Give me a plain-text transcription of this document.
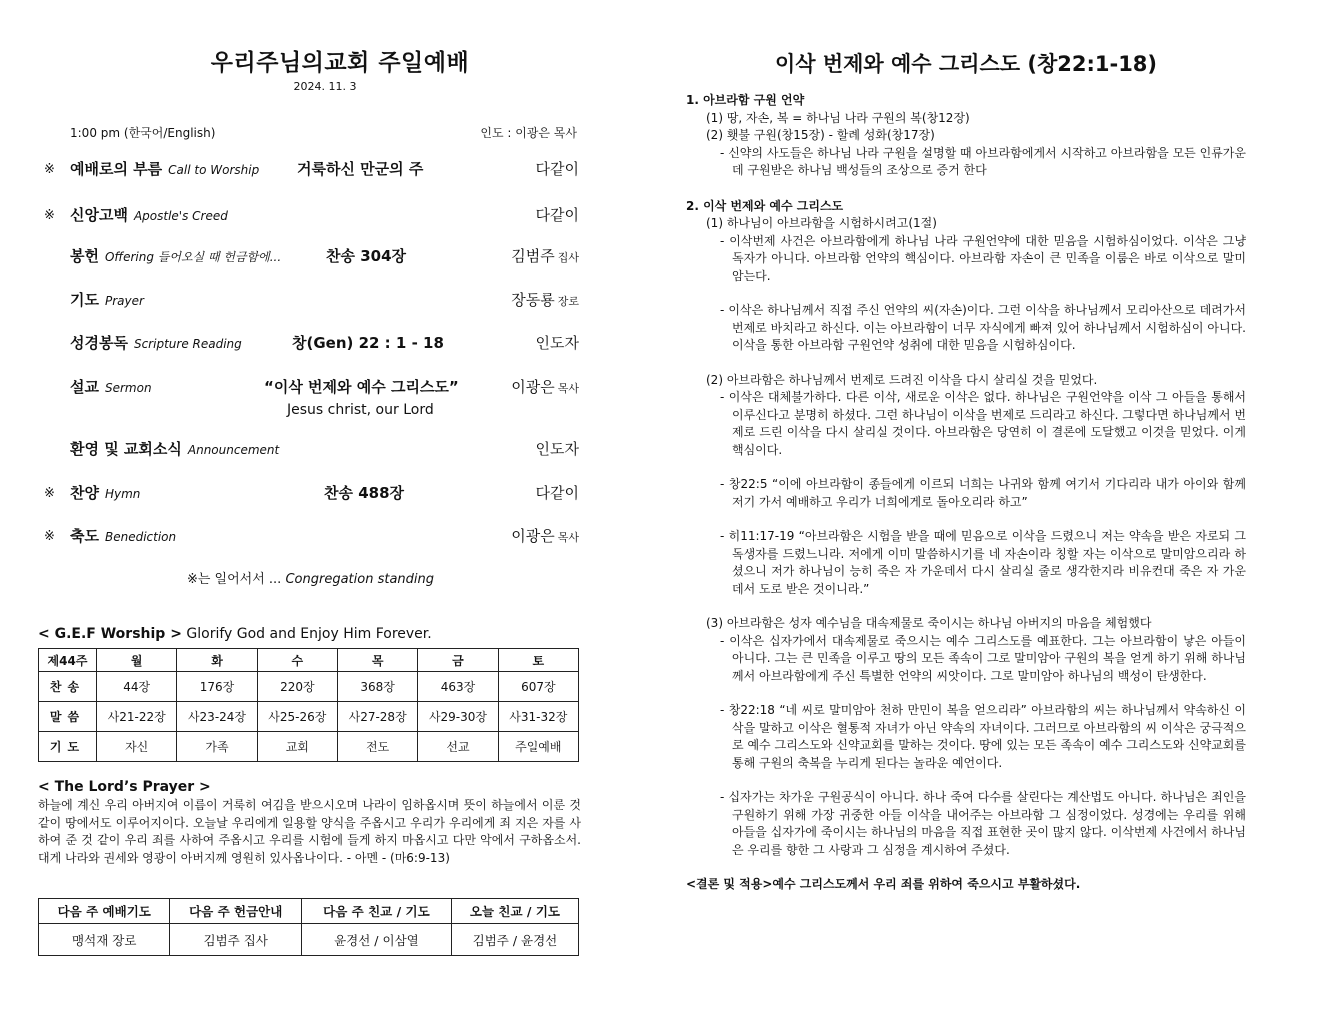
우리주님의교회 주일예배
2024. 11. 3
1:00 pm (한국어/English)	인도 : 이광은 목사
※ 예배로의 부름 Call to Worship	거룩하신 만군의 주	다같이
※ 신앙고백 Apostle's Creed	다같이
봉헌 Offering 들어오실 때 헌금함에...	찬송 304장	김범주 집사
기도 Prayer	장동룡 장로
성경봉독 Scripture Reading	창(Gen) 22 : 1 - 18	인도자
설교 Sermon	“이삭 번제와 예수 그리스도”	이광은 목사
Jesus christ, our Lord
환영 및 교회소식 Announcement	인도자
※ 찬양 Hymn	찬송 488장	다같이
※ 축도 Benediction	이광은 목사
※는 일어서서 ... Congregation standing
< G.E.F Worship > Glorify God and Enjoy Him Forever.
제44주	월	화	수	목	금	토
찬송	44장	176장	220장	368장	463장	607장
말씀	사21-22장	사23-24장	사25-26장	사27-28장	사29-30장	사31-32장
기도	자신	가족	교회	전도	선교	주일예배
< The Lord’s Prayer >
하늘에 계신 우리 아버지여 이름이 거룩히 여김을 받으시오며 나라이 임하옵시며 뜻이 하늘에서 이룬 것 같이 땅에서도 이루어지이다. 오늘날 우리에게 일용할 양식을 주옵시고 우리가 우리에게 죄 지은 자를 사하여 준 것 같이 우리 죄를 사하여 주옵시고 우리를 시험에 들게 하지 마옵시고 다만 악에서 구하옵소서. 대게 나라와 권세와 영광이 아버지께 영원히 있사옵나이다. - 아멘 - (마6:9-13)
다음 주 예배기도	다음 주 헌금안내	다음 주 친교 / 기도	오늘 친교 / 기도
맹석재 장로	김범주 집사	윤경선 / 이삼열	김범주 / 윤경선
이삭 번제와 예수 그리스도 (창22:1-18)

1. 아브라함 구원 언약

(1) 땅, 자손, 복 = 하나님 나라 구원의 복(창12장)

(2) 횃불 구원(창15장) - 할례 성화(창17장)

- 신약의 사도들은 하나님 나라 구원을 설명할 때 아브라함에게서 시작하고 아브라함을 모든 인류가운데 구원받은 하나님 백성들의 조상으로 증거 한다

2. 이삭 번제와 예수 그리스도

(1) 하나님이 아브라함을 시험하시려고(1절)

- 이삭번제 사건은 아브라함에게 하나님 나라 구원언약에 대한 믿음을 시험하심이었다. 이삭은 그냥 독자가 아니다. 아브라함 언약의 핵심이다. 아브라함 자손이 큰 민족을 이룸은 바로 이삭으로 말미암는다.

- 이삭은 하나님께서 직접 주신 언약의 씨(자손)이다. 그런 이삭을 하나님께서 모리아산으로 데려가서 번제로 바치라고 하신다. 이는 아브라함이 너무 자식에게 빠져 있어 하나님께서 시험하심이 아니다. 이삭을 통한 아브라함 구원언약 성취에 대한 믿음을 시험하심이다.

(2) 아브라함은 하나님께서 번제로 드려진 이삭을 다시 살리실 것을 믿었다.

- 이삭은 대체불가하다. 다른 이삭, 새로운 이삭은 없다. 하나님은 구원언약을 이삭 그 아들을 통해서 이루신다고 분명히 하셨다. 그런 하나님이 이삭을 번제로 드리라고 하신다. 그렇다면 하나님께서 번제로 드린 이삭을 다시 살리실 것이다. 아브라함은 당연히 이 결론에 도달했고 이것을 믿었다. 이게 핵심이다.

- 창22:5 “이에 아브라함이 종들에게 이르되 너희는 나귀와 함께 여기서 기다리라 내가 아이와 함께 저기 가서 예배하고 우리가 너희에게로 돌아오리라 하고”

- 히11:17-19 “아브라함은 시험을 받을 때에 믿음으로 이삭을 드렸으니 저는 약속을 받은 자로되 그 독생자를 드렸느니라. 저에게 이미 말씀하시기를 네 자손이라 칭할 자는 이삭으로 말미암으리라 하셨으니 저가 하나님이 능히 죽은 자 가운데서 다시 살리실 줄로 생각한지라 비유컨대 죽은 자 가운데서 도로 받은 것이니라.”

(3) 아브라함은 성자 예수님을 대속제물로 죽이시는 하나님 아버지의 마음을 체험했다

- 이삭은 십자가에서 대속제물로 죽으시는 예수 그리스도를 예표한다. 그는 아브라함이 낳은 아들이 아니다. 그는 큰 민족을 이루고 땅의 모든 족속이 그로 말미암아 구원의 복을 얻게 하기 위해 하나님께서 아브라함에게 주신 특별한 언약의 씨앗이다. 그로 말미암아 하나님의 백성이 탄생한다.

- 창22:18 “네 씨로 말미암아 천하 만민이 복을 얻으리라” 아브라함의 씨는 하나님께서 약속하신 이삭을 말하고 이삭은 혈통적 자녀가 아닌 약속의 자녀이다. 그러므로 아브라함의 씨 이삭은 궁극적으로 예수 그리스도와 신약교회를 말하는 것이다. 땅에 있는 모든 족속이 예수 그리스도와 신약교회를 통해 구원의 축복을 누리게 된다는 놀라운 예언이다.

- 십자가는 차가운 구원공식이 아니다. 하나 죽여 다수를 살린다는 계산법도 아니다. 하나님은 죄인을 구원하기 위해 가장 귀중한 아들 이삭을 내어주는 아브라함 그 심정이었다. 성경에는 우리를 위해 아들을 십자가에 죽이시는 하나님의 마음을 직접 표현한 곳이 많지 않다. 이삭번제 사건에서 하나님은 우리를 향한 그 사랑과 그 심정을 계시하여 주셨다.

<결론 및 적용>예수 그리스도께서 우리 죄를 위하여 죽으시고 부활하셨다.
